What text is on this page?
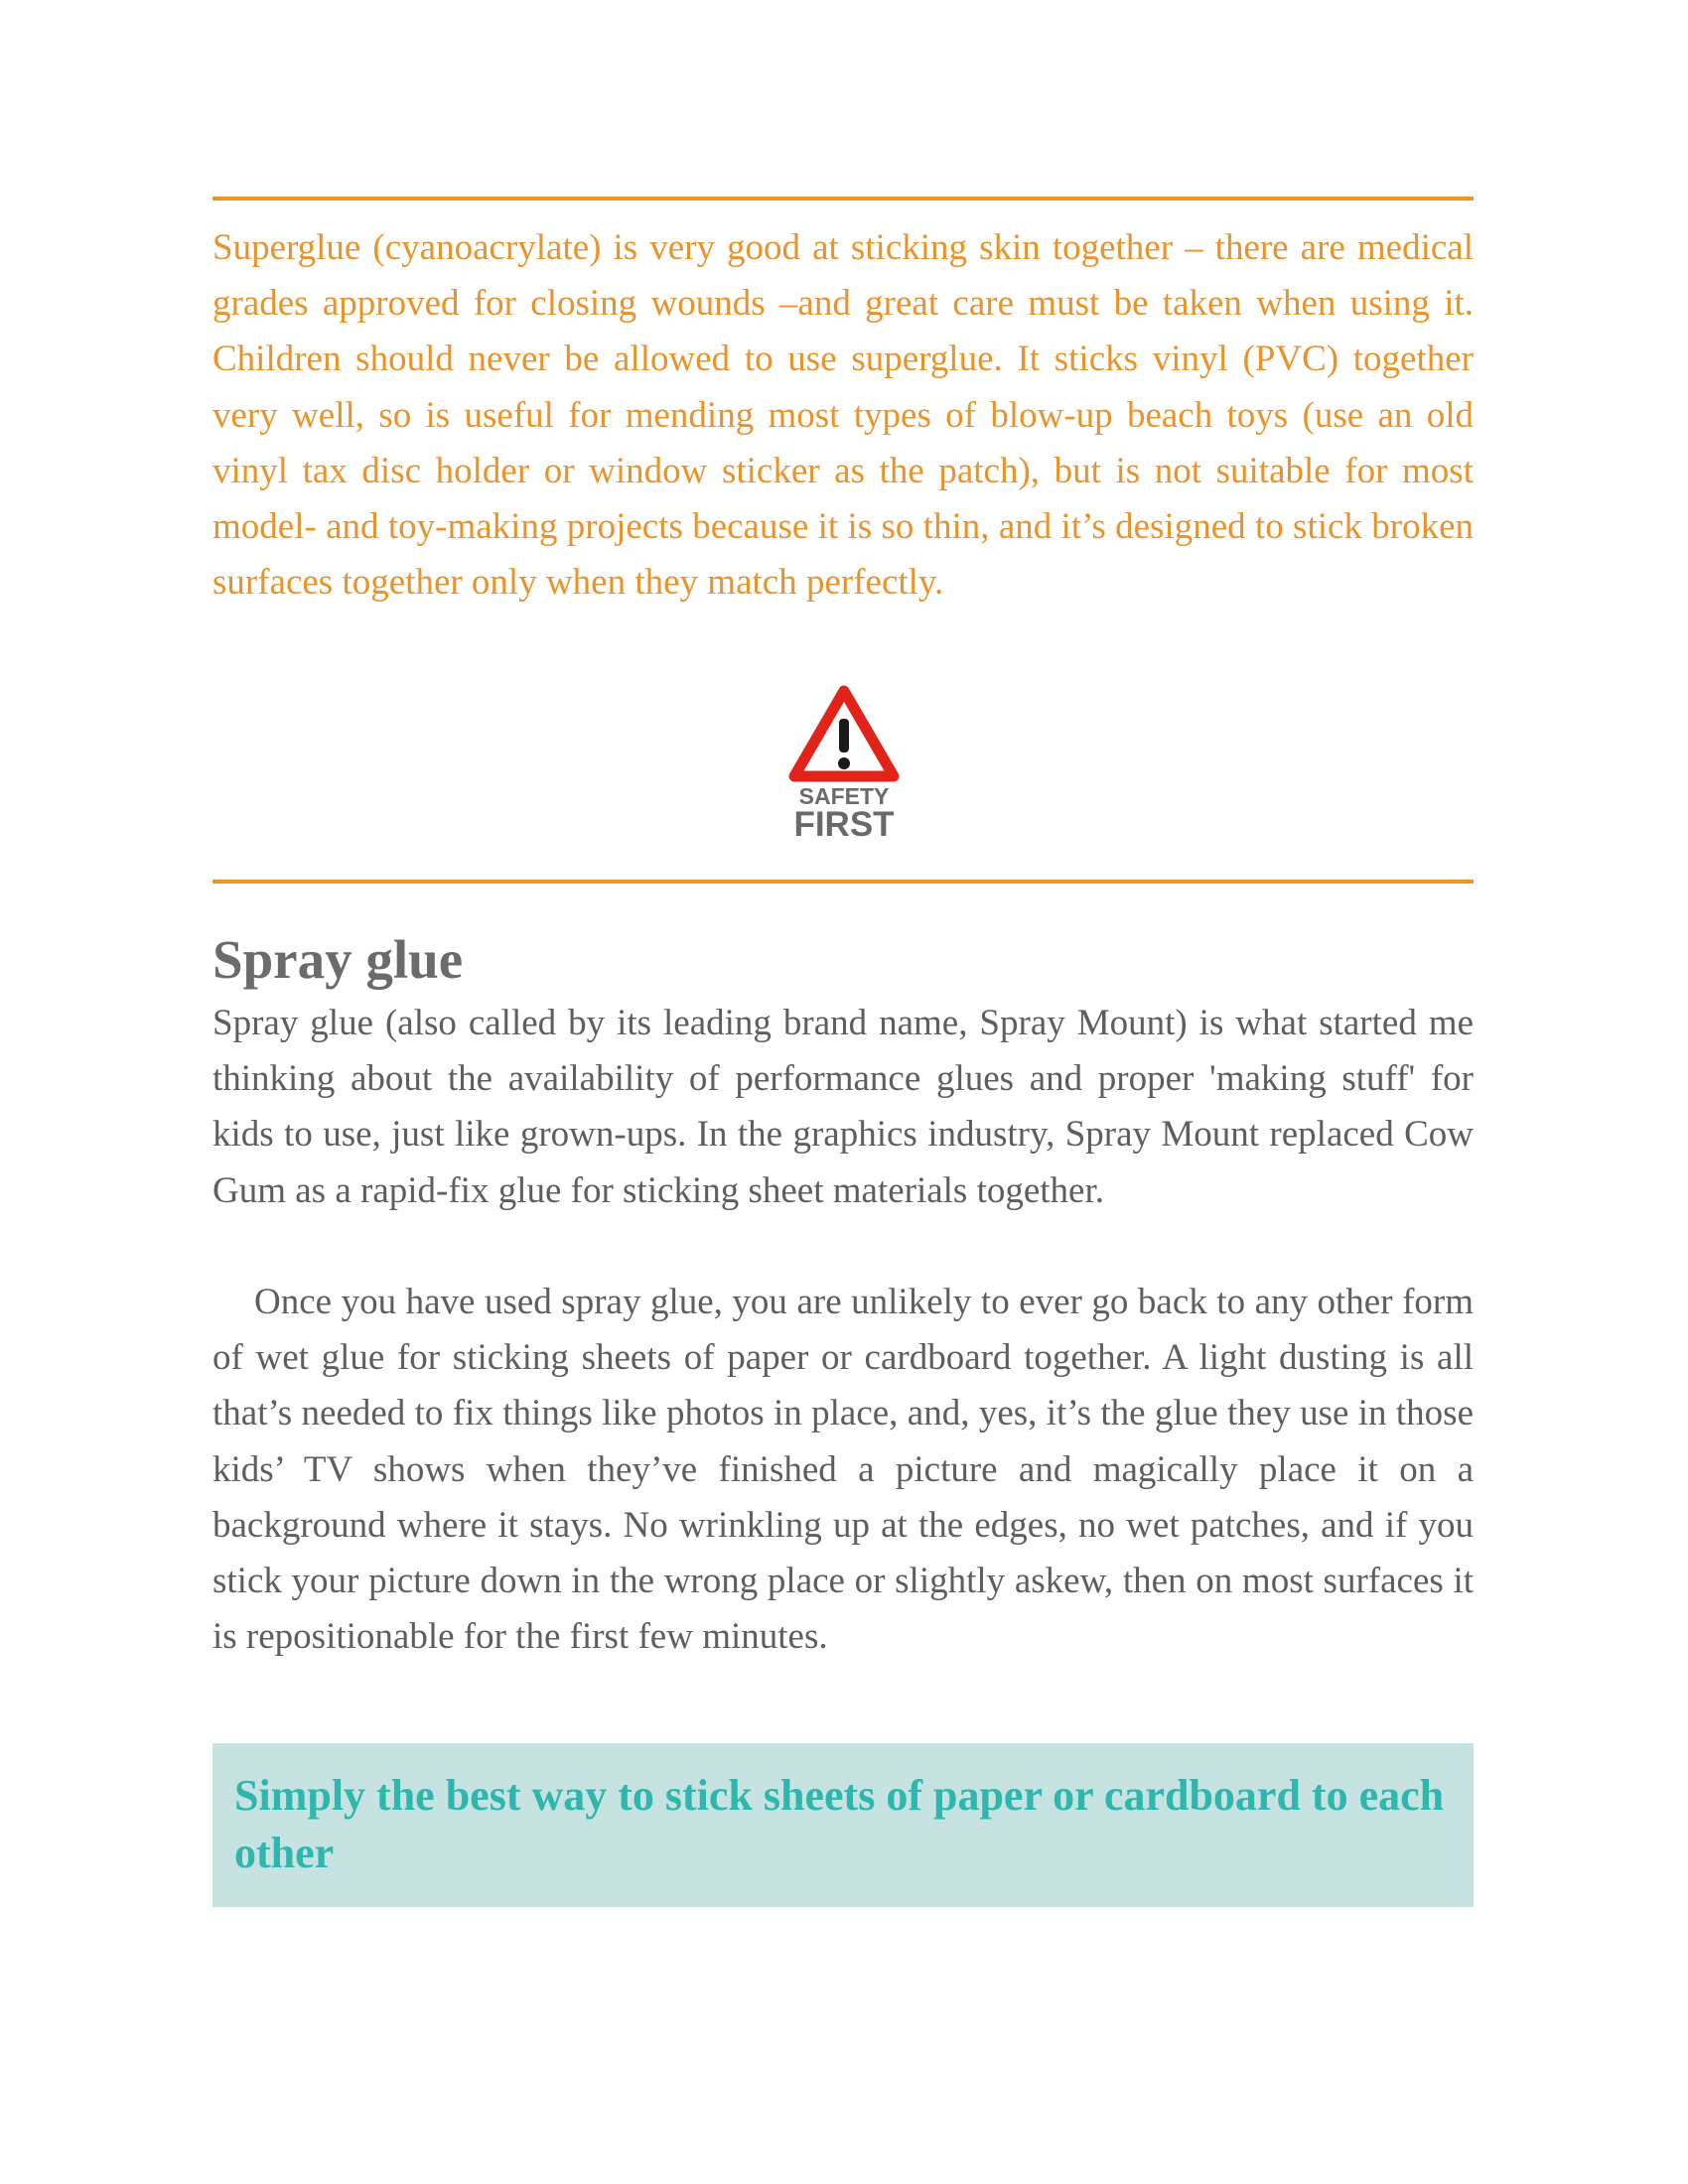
Superglue (cyanoacrylate) is very good at sticking skin together – there are medical grades approved for closing wounds –and great care must be taken when using it. Children should never be allowed to use superglue. It sticks vinyl (PVC) together very well, so is useful for mending most types of blow-up beach toys (use an old vinyl tax disc holder or window sticker as the patch), but is not suitable for most model- and toy-making projects because it is so thin, and it’s designed to stick broken surfaces together only when they match perfectly.

SAFETY
FIRST
Spray glue

Spray glue (also called by its leading brand name, Spray Mount) is what started me thinking about the availability of performance glues and proper 'making stuff' for kids to use, just like grown-ups. In the graphics industry, Spray Mount replaced Cow Gum as a rapid-fix glue for sticking sheet materials together.

Once you have used spray glue, you are unlikely to ever go back to any other form of wet glue for sticking sheets of paper or cardboard together. A light dusting is all that’s needed to fix things like photos in place, and, yes, it’s the glue they use in those kids’ TV shows when they’ve finished a picture and magically place it on a background where it stays. No wrinkling up at the edges, no wet patches, and if you stick your picture down in the wrong place or slightly askew, then on most surfaces it is repositionable for the first few minutes.

Simply the best way to stick sheets of paper or cardboard to each other
